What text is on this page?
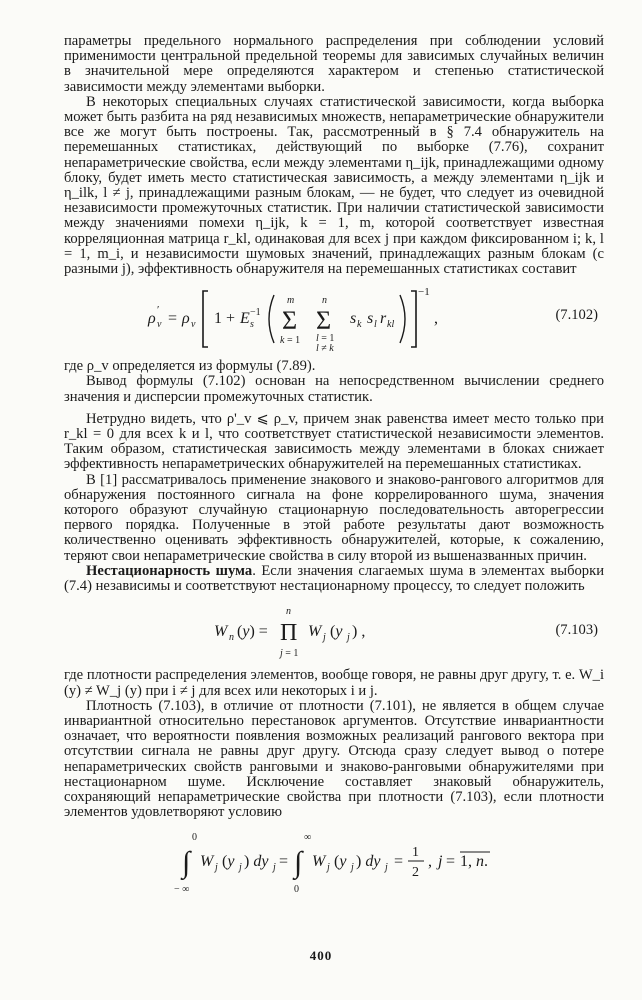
параметры предельного нормального распределения при соблюдении условий применимости центральной предельной теоремы для зависимых случайных величин в значительной мере определяются характером и степенью статистической зависимости между элементами выборки.

В некоторых специальных случаях статистической зависимости, когда выборка может быть разбита на ряд независимых множеств, непараметрические обнаружители все же могут быть построены. Так, рассмотренный в § 7.4 обнаружитель на перемешанных статистиках, действующий по выборке (7.76), сохранит непараметрические свойства, если между элементами η_ijk, принадлежащими одному блоку, будет иметь место статистическая зависимость, а между элементами η_ijk и η_ilk, l ≠ j, принадлежащими разным блокам, — не будет, что следует из очевидной независимости промежуточных статистик. При наличии статистической зависимости между значениями помехи η_ijk, k = 1, m, которой соответствует известная корреляционная матрица r_kl, одинаковая для всех j при каждом фиксированном i; k, l = 1, m_i, и независимости шумовых значений, принадлежащих разным блокам (с разными j), эффективность обнаружителя на перемешанных статистиках составит

ρ v
′ = ρ v 1 + E s
−1 Σ
m
k = 1
Σ
n
l = 1
l ≠ k
s k s l r kl
−1
,	(7.102)

где ρ_v определяется из формулы (7.89).

Вывод формулы (7.102) основан на непосредственном вычислении среднего значения и дисперсии промежуточных статистик.

Нетрудно видеть, что ρ'_v ⩽ ρ_v, причем знак равенства имеет место только при r_kl = 0 для всех k и l, что соответствует статистической независимости элементов. Таким образом, статистическая зависимость между элементами в блоках снижает эффективность непараметрических обнаружителей на перемешанных статистиках.

В [1] рассматривалось применение знакового и знаково-рангового алгоритмов для обнаружения постоянного сигнала на фоне коррелированного шума, значения которого образуют случайную стационарную последовательность авторегрессии первого порядка. Полученные в этой работе результаты дают возможность количественно оценивать эффективность обнаружителей, которые, к сожалению, теряют свои непараметрические свойства в силу второй из вышеназванных причин.

Нестационарность шума. Если значения слагаемых шума в элементах выборки (7.4) независимы и соответствуют нестационарному процессу, то следует положить

W n (y) = Π
n
j = 1
W j (y j ) ,	(7.103)

где плотности распределения элементов, вообще говоря, не равны друг другу, т. е. W_i (y) ≠ W_j (y) при i ≠ j для всех или некоторых i и j.

Плотность (7.103), в отличие от плотности (7.101), не является в общем случае инвариантной относительно перестановок аргументов. Отсутствие инвариантности означает, что вероятности появления возможных реализаций рангового вектора при отсутствии сигнала не равны друг другу. Отсюда сразу следует вывод о потере непараметрических свойств ранговыми и знаково-ранговыми обнаружителями при нестационарном шуме. Исключение составляет знаковый обнаружитель, сохраняющий непараметрические свойства при плотности (7.103), если плотности элементов удовлетворяют условию

∫
0
− ∞
W j (y j ) dy j = ∫
∞
0
W j (y j ) dy j =
1
2
, j = 1, n.
400
